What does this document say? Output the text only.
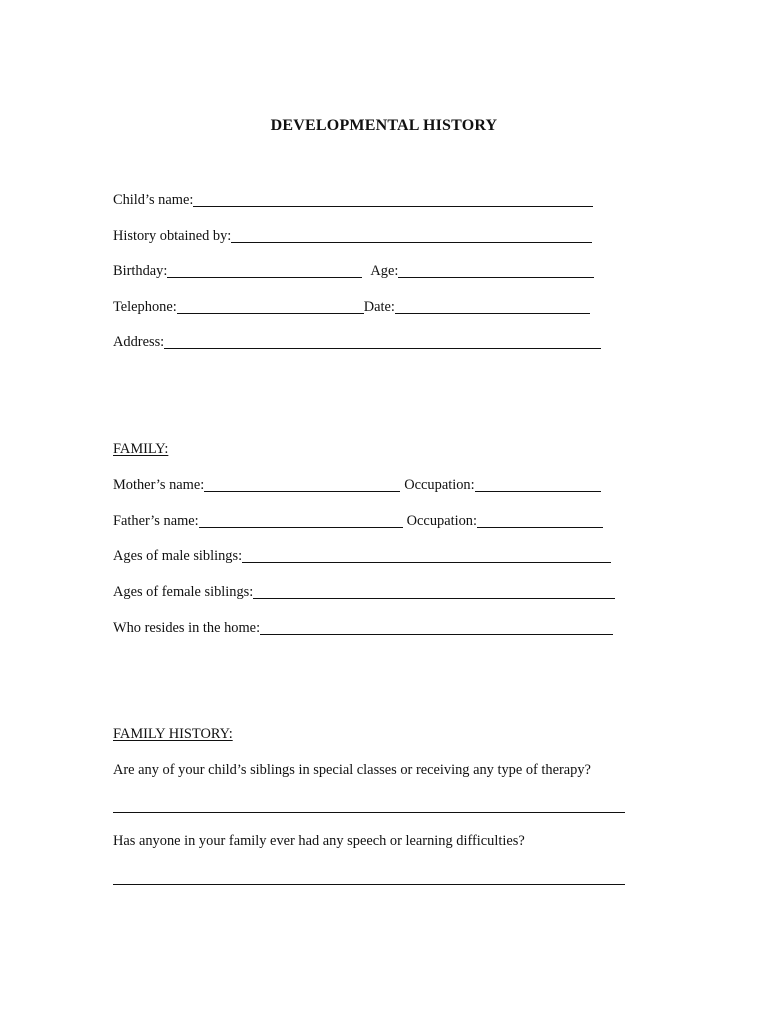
DEVELOPMENTAL HISTORY
Child’s name:
History obtained by:
Birthday:	Age:
Telephone:	Date:
Address:
FAMILY:
Mother’s name:	Occupation:
Father’s name:	Occupation:
Ages of male siblings:
Ages of female siblings:
Who resides in the home:
FAMILY HISTORY:
Are any of your child’s siblings in special classes or receiving any type of therapy?
Has anyone in your family ever had any speech or learning difficulties?
